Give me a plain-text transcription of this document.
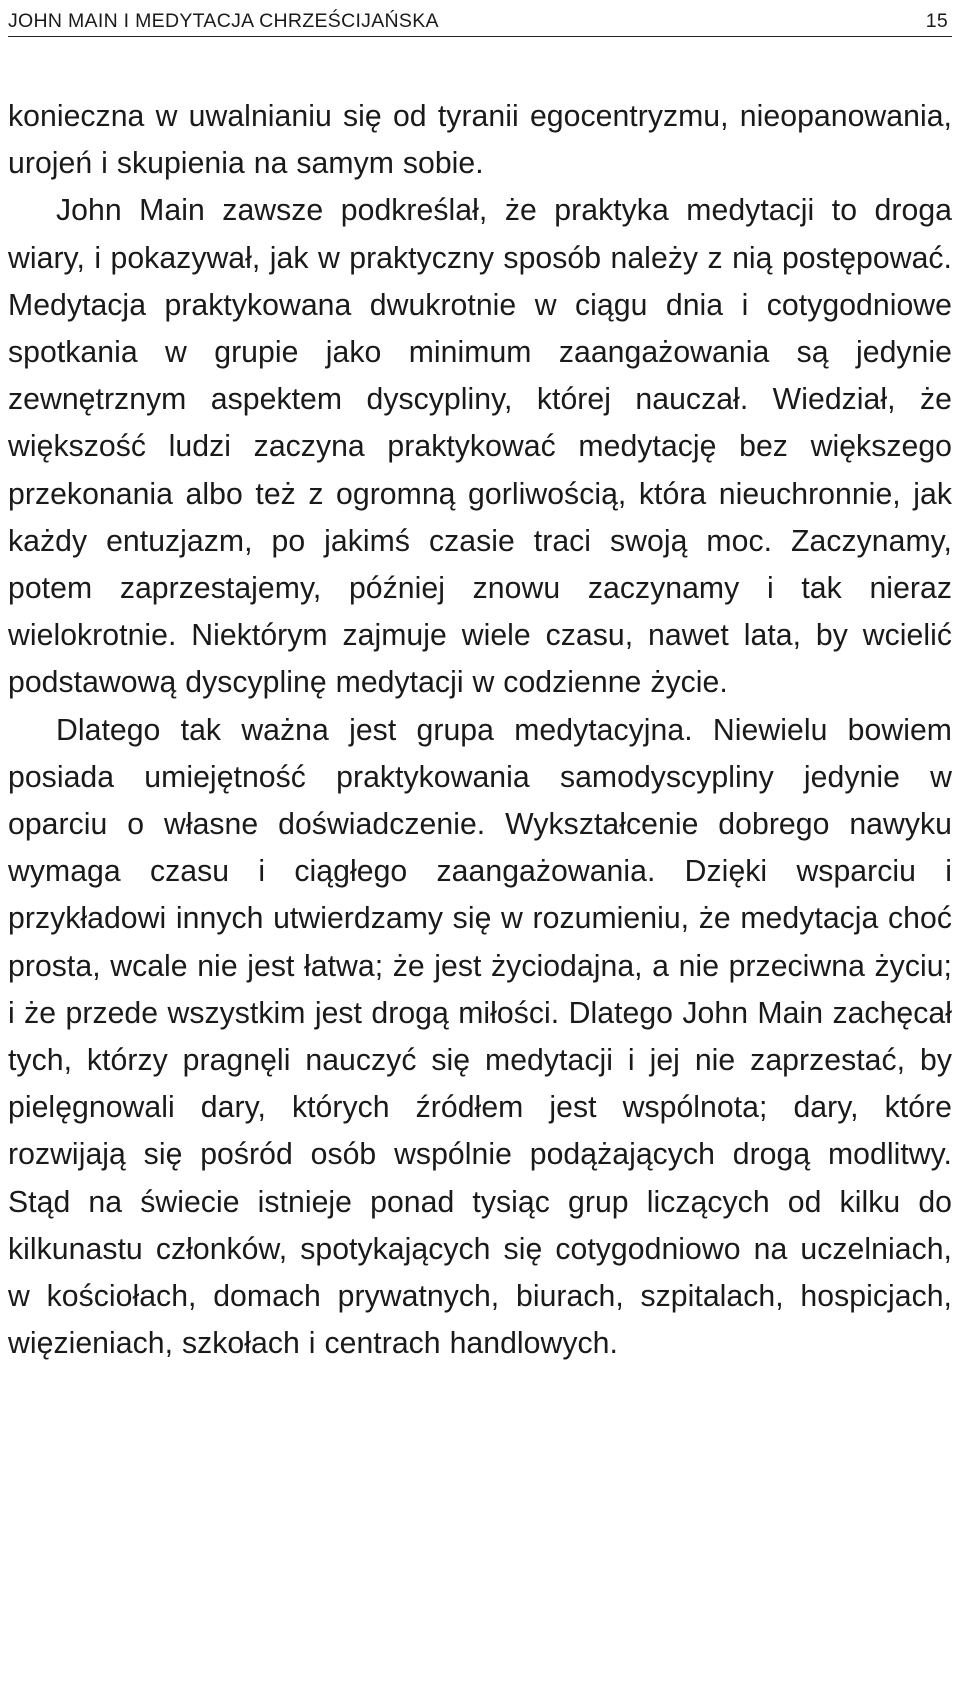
JOHN MAIN I MEDYTACJA CHRZEŚCIJAŃSKA	15

konieczna w uwalnianiu się od tyranii egocentryzmu, nieopanowania, urojeń i skupienia na samym sobie.

John Main zawsze podkreślał, że praktyka medytacji to droga wiary, i pokazywał, jak w praktyczny sposób należy z nią postępować. Medytacja praktykowana dwukrotnie w ciągu dnia i cotygodniowe spotkania w grupie jako minimum zaangażowania są jedynie zewnętrznym aspektem dyscypliny, której nauczał. Wiedział, że większość ludzi zaczyna praktykować medytację bez większego przekonania albo też z ogromną gorliwością, która nieuchronnie, jak każdy entuzjazm, po jakimś czasie traci swoją moc. Zaczynamy, potem zaprzestajemy, później znowu zaczynamy i tak nieraz wielokrotnie. Niektórym zajmuje wiele czasu, nawet lata, by wcielić podstawową dyscyplinę medytacji w codzienne życie.

Dlatego tak ważna jest grupa medytacyjna. Niewielu bowiem posiada umiejętność praktykowania samodyscypliny jedynie w oparciu o własne doświadczenie. Wykształcenie dobrego nawyku wymaga czasu i ciągłego zaangażowania. Dzięki wsparciu i przykładowi innych utwierdzamy się w rozumieniu, że medytacja choć prosta, wcale nie jest łatwa; że jest życiodajna, a nie przeciwna życiu; i że przede wszystkim jest drogą miłości. Dlatego John Main zachęcał tych, którzy pragnęli nauczyć się medytacji i jej nie zaprzestać, by pielęgnowali dary, których źródłem jest wspólnota; dary, które rozwijają się pośród osób wspólnie podążających drogą modlitwy. Stąd na świecie istnieje ponad tysiąc grup liczących od kilku do kilkunastu członków, spotykających się cotygodniowo na uczelniach, w kościołach, domach prywatnych, biurach, szpitalach, hospicjach, więzieniach, szkołach i centrach handlowych.
